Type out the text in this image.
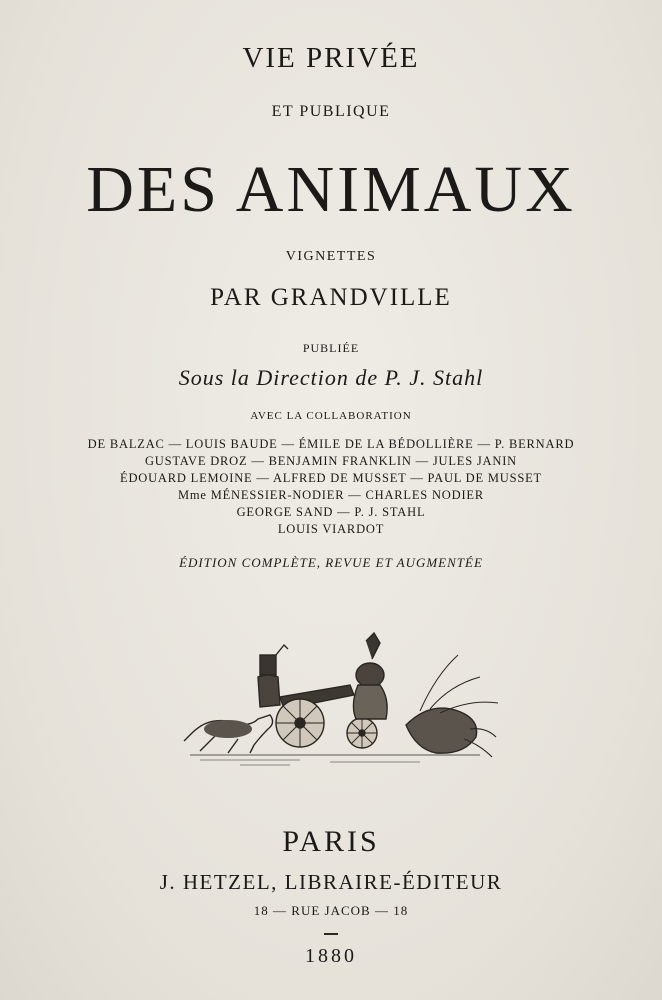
VIE PRIVÉE
ET PUBLIQUE
DES ANIMAUX
VIGNETTES
PAR GRANDVILLE
PUBLIÉE
Sous la Direction de P. J. Stahl
AVEC LA COLLABORATION
DE BALZAC — LOUIS BAUDE — ÉMILE DE LA BÉDOLLIÈRE — P. BERNARD
GUSTAVE DROZ — BENJAMIN FRANKLIN — JULES JANIN
ÉDOUARD LEMOINE — ALFRED DE MUSSET — PAUL DE MUSSET
Mme MÉNESSIER-NODIER — CHARLES NODIER
GEORGE SAND — P. J. STAHL
LOUIS VIARDOT
ÉDITION COMPLÈTE, REVUE ET AUGMENTÉE
PARIS
J. HETZEL, LIBRAIRE-ÉDITEUR
18 — RUE JACOB — 18
1880
